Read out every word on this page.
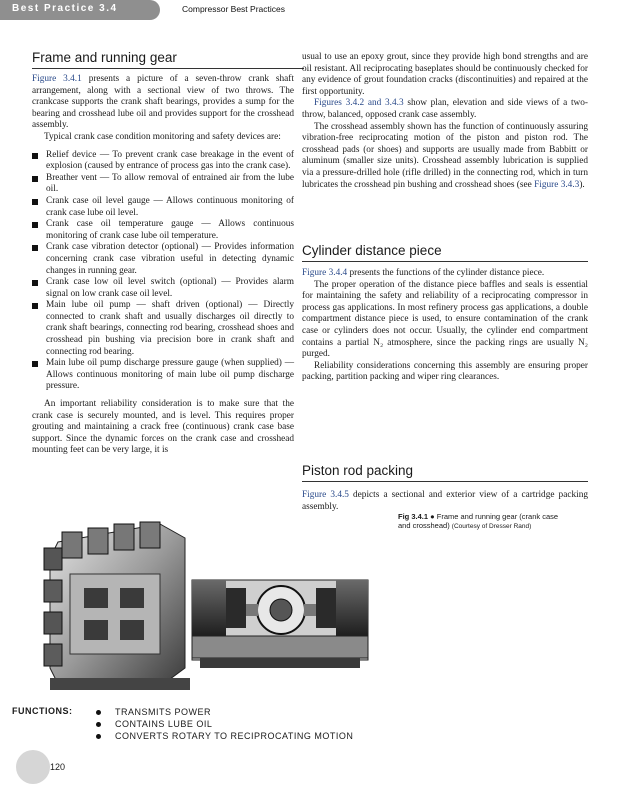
Best Practice 3.4	Compressor Best Practices
Frame and running gear

Figure 3.4.1 presents a picture of a seven-throw crank shaft arrangement, along with a sectional view of two throws. The crankcase supports the crank shaft bearings, provides a sump for the bearing and crosshead lube oil and provides support for the crosshead assembly.

Typical crank case condition monitoring and safety devices are:

Relief device — To prevent crank case breakage in the event of explosion (caused by entrance of process gas into the crank case).
Breather vent — To allow removal of entrained air from the lube oil.
Crank case oil level gauge — Allows continuous monitoring of crank case lube oil level.
Crank case oil temperature gauge — Allows continuous monitoring of crank case lube oil temperature.
Crank case vibration detector (optional) — Provides information concerning crank case vibration useful in detecting dynamic changes in running gear.
Crank case low oil level switch (optional) — Provides alarm signal on low crank case oil level.
Main lube oil pump — shaft driven (optional) — Directly connected to crank shaft and usually discharges oil directly to crank shaft bearings, connecting rod bearing, crosshead shoes and crosshead pin bushing via precision bore in crank shaft and connecting rod bearing.
Main lube oil pump discharge pressure gauge (when supplied) —Allows continuous monitoring of main lube oil pump discharge pressure.

An important reliability consideration is to make sure that the crank case is securely mounted, and is level. This requires proper grouting and maintaining a crack free (continuous) crank case base support. Since the dynamic forces on the crank case and crosshead mounting feet can be very large, it is

usual to use an epoxy grout, since they provide high bond strengths and are oil resistant. All reciprocating baseplates should be continuously checked for any evidence of grout foundation cracks (discontinuities) and repaired at the first opportunity.

Figures 3.4.2 and 3.4.3 show plan, elevation and side views of a two-throw, balanced, opposed crank case assembly.

The crosshead assembly shown has the function of continuously assuring vibration-free reciprocating motion of the piston and piston rod. The crosshead pads (or shoes) and supports are usually made from Babbitt or aluminum (smaller size units). Crosshead assembly lubrication is supplied via a pressure-drilled hole (rifle drilled) in the connecting rod, which in turn lubricates the crosshead pin bushing and crosshead shoes (see Figure 3.4.3).

Cylinder distance piece

Figure 3.4.4 presents the functions of the cylinder distance piece.

The proper operation of the distance piece baffles and seals is essential for maintaining the safety and reliability of a reciprocating compressor in process gas applications. In most refinery process gas applications, a double compartment distance piece is used, to ensure contamination of the crank case or cylinders does not occur. Usually, the cylinder end compartment contains a partial N₂ atmosphere, since the packing rings are usually N₂ purged.

Reliability considerations concerning this assembly are ensuring proper packing, partition packing and wiper ring clearances.

Piston rod packing

Figure 3.4.5 depicts a sectional and exterior view of a cartridge packing assembly.

Fig 3.4.1 ● Frame and running gear (crank case and crosshead) (Courtesy of Dresser Rand)
FUNCTIONS:	TRANSMITS POWER
CONTAINS LUBE OIL
CONVERTS ROTARY TO RECIPROCATING MOTION
120
